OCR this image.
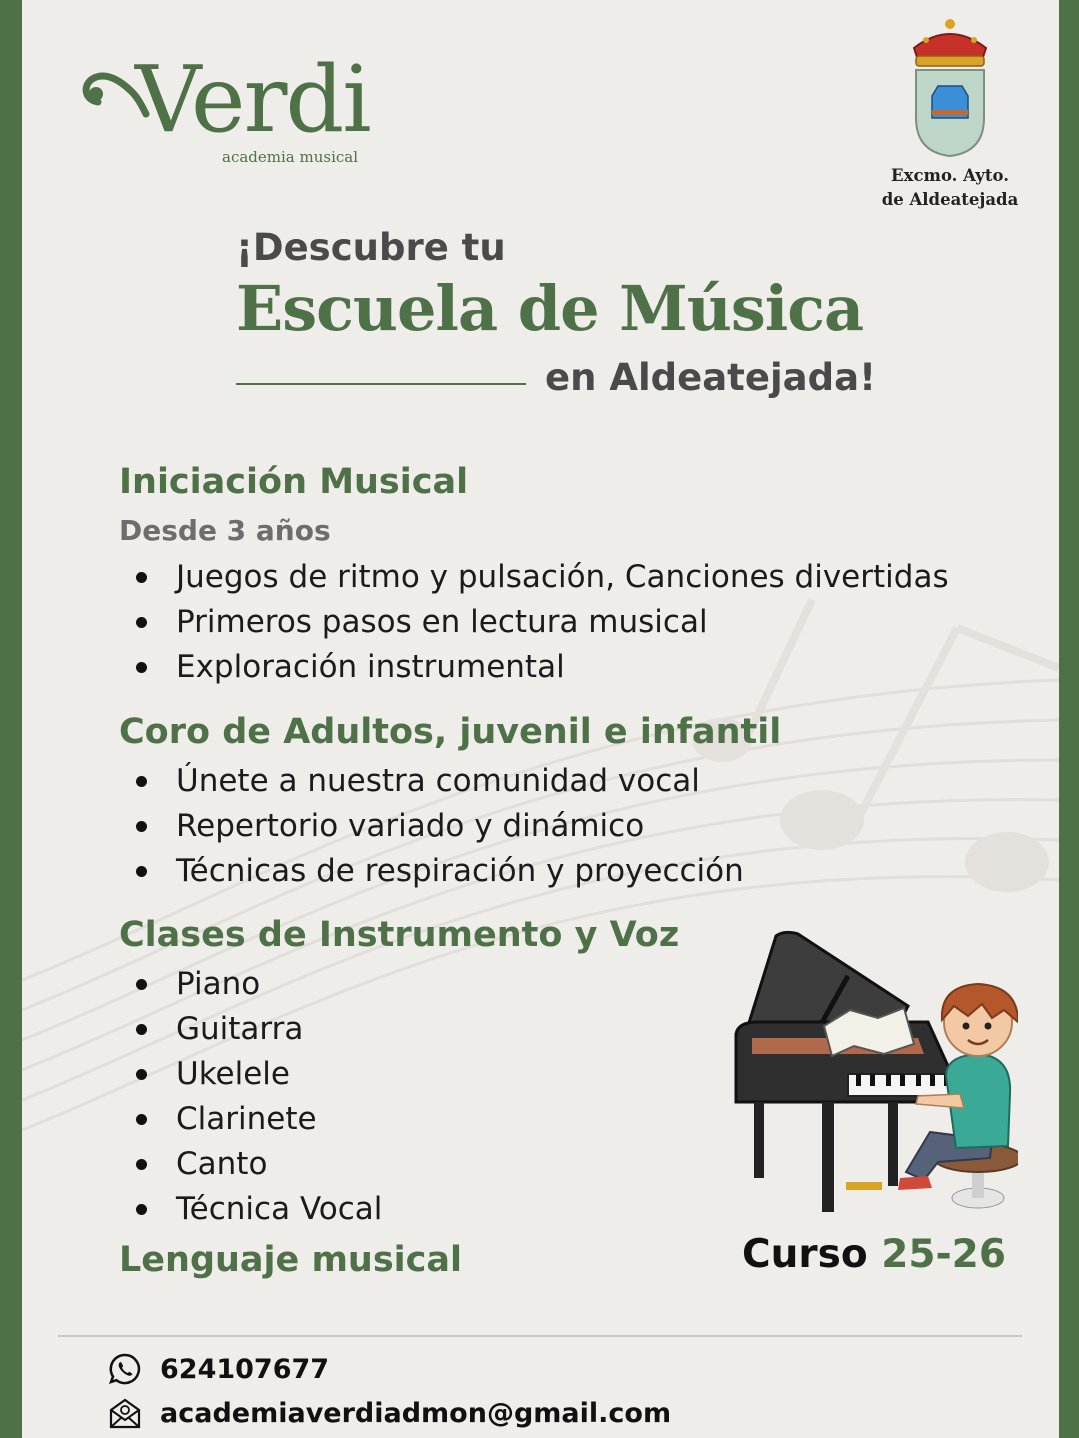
Verdi
academia musical
Excmo. Ayto.
de Aldeatejada
¡Descubre tu
Escuela de Música
en Aldeatejada!
Iniciación Musical
Desde 3 años
Juegos de ritmo y pulsación, Canciones divertidas
Primeros pasos en lectura musical
Exploración instrumental
Coro de Adultos, juvenil e infantil
Únete a nuestra comunidad vocal
Repertorio variado y dinámico
Técnicas de respiración y proyección
Clases de Instrumento y Voz
Piano
Guitarra
Ukelele
Clarinete
Canto
Técnica Vocal
Lenguaje musical	Curso 25-26
624107677
academiaverdiadmon@gmail.com
